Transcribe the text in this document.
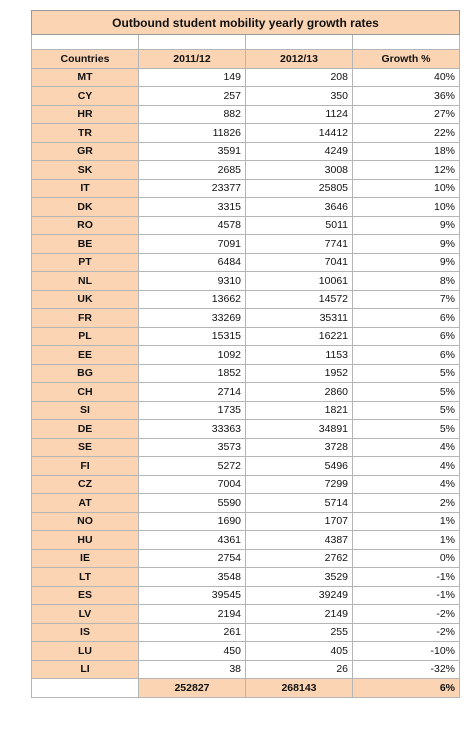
Outbound student mobility yearly growth rates			

Countries	2011/12	2012/13	Growth %
MT	149	208	40%
CY	257	350	36%
HR	882	1124	27%
TR	11826	14412	22%
GR	3591	4249	18%
SK	2685	3008	12%
IT	23377	25805	10%
DK	3315	3646	10%
RO	4578	5011	9%
BE	7091	7741	9%
PT	6484	7041	9%
NL	9310	10061	8%
UK	13662	14572	7%
FR	33269	35311	6%
PL	15315	16221	6%
EE	1092	1153	6%
BG	1852	1952	5%
CH	2714	2860	5%
SI	1735	1821	5%
DE	33363	34891	5%
SE	3573	3728	4%
FI	5272	5496	4%
CZ	7004	7299	4%
AT	5590	5714	2%
NO	1690	1707	1%
HU	4361	4387	1%
IE	2754	2762	0%
LT	3548	3529	-1%
ES	39545	39249	-1%
LV	2194	2149	-2%
IS	261	255	-2%
LU	450	405	-10%
LI	38	26	-32%
	252827	268143	6%
